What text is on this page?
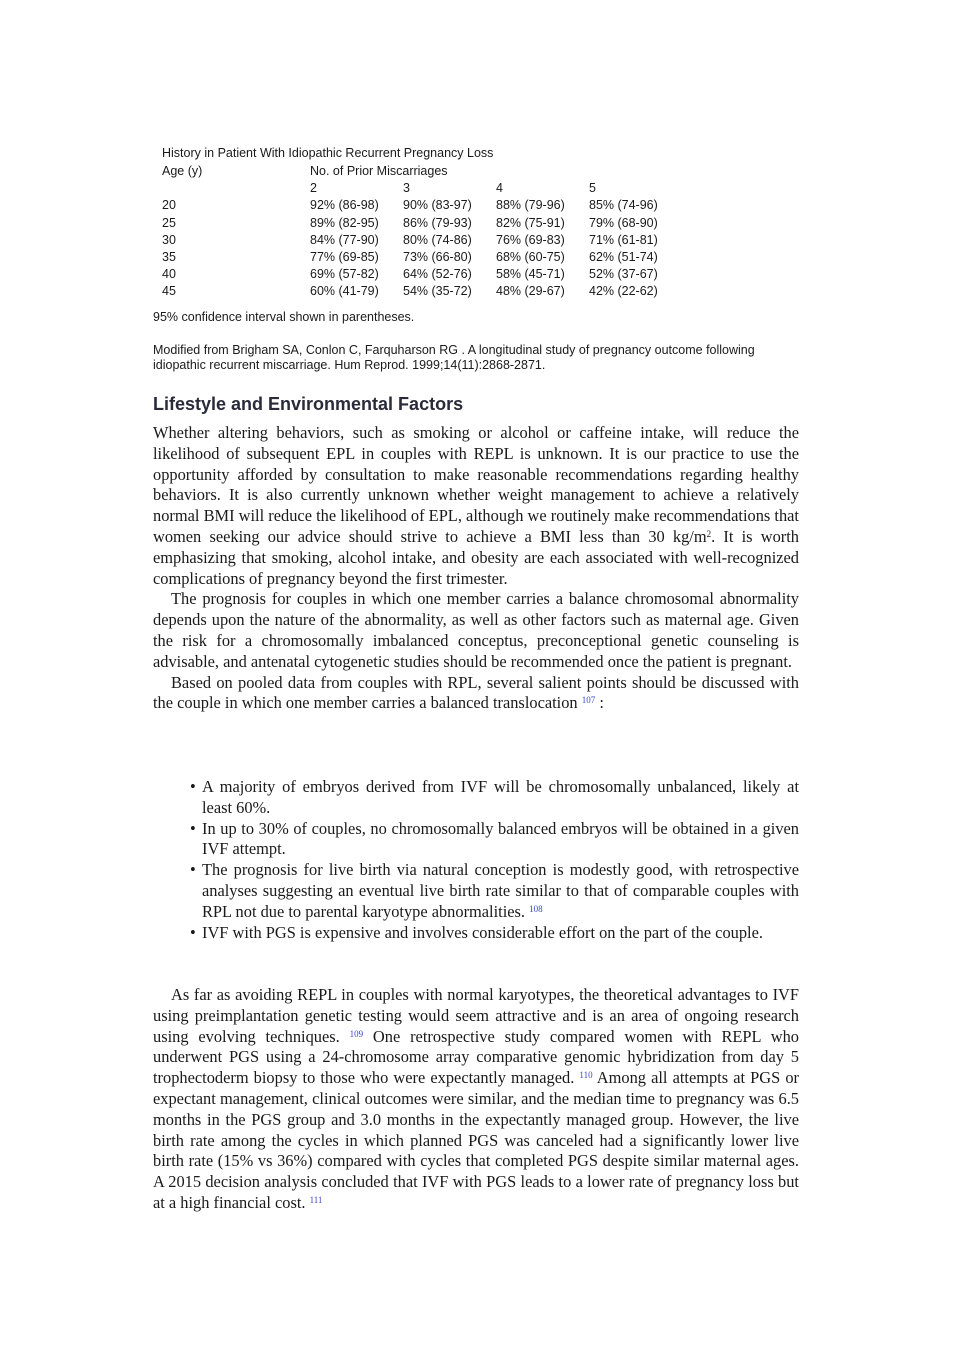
History in Patient With Idiopathic Recurrent Pregnancy Loss
Age (y)	No. of Prior Miscarriages			
	2	3	4	5
20	92% (86-98)	90% (83-97)	88% (79-96)	85% (74-96)
25	89% (82-95)	86% (79-93)	82% (75-91)	79% (68-90)
30	84% (77-90)	80% (74-86)	76% (69-83)	71% (61-81)
35	77% (69-85)	73% (66-80)	68% (60-75)	62% (51-74)
40	69% (57-82)	64% (52-76)	58% (45-71)	52% (37-67)
45	60% (41-79)	54% (35-72)	48% (29-67)	42% (22-62)
95% confidence interval shown in parentheses.
Modified from Brigham SA, Conlon C, Farquharson RG . A longitudinal study of pregnancy outcome following idiopathic recurrent miscarriage. Hum Reprod. 1999;14(11):2868-2871.
Lifestyle and Environmental Factors

Whether altering behaviors, such as smoking or alcohol or caffeine intake, will reduce the likelihood of subsequent EPL in couples with REPL is unknown. It is our practice to use the opportunity afforded by consultation to make reasonable recommendations regarding healthy behaviors. It is also currently unknown whether weight management to achieve a relatively normal BMI will reduce the likelihood of EPL, although we routinely make recommendations that women seeking our advice should strive to achieve a BMI less than 30 $kg/m^2$. It is worth emphasizing that smoking, alcohol intake, and obesity are each associated with well-recognized complications of pregnancy beyond the first trimester.

The prognosis for couples in which one member carries a balance chromosomal abnormality depends upon the nature of the abnormality, as well as other factors such as maternal age. Given the risk for a chromosomally imbalanced conceptus, preconceptional genetic counseling is advisable, and antenatal cytogenetic studies should be recommended once the patient is pregnant.

Based on pooled data from couples with RPL, several salient points should be discussed with the couple in which one member carries a balanced translocation $^{107}$ :

• A majority of embryos derived from IVF will be chromosomally unbalanced, likely at least 60%.
• In up to 30% of couples, no chromosomally balanced embryos will be obtained in a given IVF attempt.
• The prognosis for live birth via natural conception is modestly good, with retrospective analyses suggesting an eventual live birth rate similar to that of comparable couples with RPL not due to parental karyotype abnormalities. $^{108}$
• IVF with PGS is expensive and involves considerable effort on the part of the couple.

As far as avoiding REPL in couples with normal karyotypes, the theoretical advantages to IVF using preimplantation genetic testing would seem attractive and is an area of ongoing research using evolving techniques. $^{109}$ One retrospective study compared women with REPL who underwent PGS using a 24-chromosome array comparative genomic hybridization from day 5 trophectoderm biopsy to those who were expectantly managed. $^{110}$ Among all attempts at PGS or expectant management, clinical outcomes were similar, and the median time to pregnancy was 6.5 months in the PGS group and 3.0 months in the expectantly managed group. However, the live birth rate among the cycles in which planned PGS was canceled had a significantly lower live birth rate (15% vs 36%) compared with cycles that completed PGS despite similar maternal ages. A 2015 decision analysis concluded that IVF with PGS leads to a lower rate of pregnancy loss but at a high financial cost. $^{111}$
